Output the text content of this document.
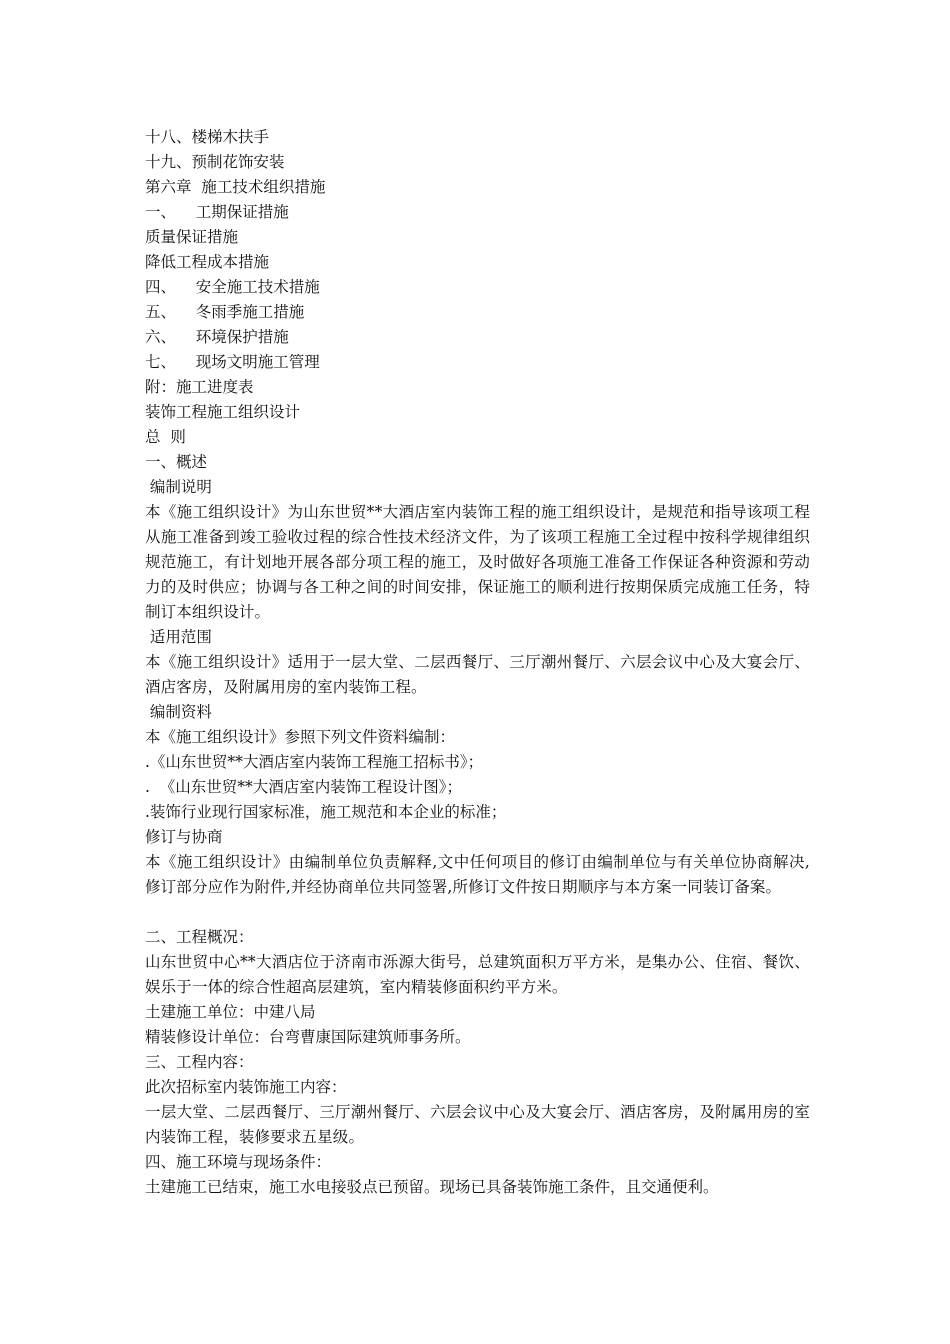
十八、楼梯木扶手
十九、预制花饰安装
第六章  施工技术组织措施
一、    工期保证措施
质量保证措施
降低工程成本措施
四、    安全施工技术措施
五、    冬雨季施工措施
六、    环境保护措施
七、    现场文明施工管理
附：施工进度表
装饰工程施工组织设计
总  则
一、概述
编制说明
本《施工组织设计》为山东世贸**大酒店室内装饰工程的施工组织设计，是规范和指导该项工程从施工准备到竣工验收过程的综合性技术经济文件，为了该项工程施工全过程中按科学规律组织规范施工，有计划地开展各部分项工程的施工，及时做好各项施工准备工作保证各种资源和劳动力的及时供应；协调与各工种之间的时间安排，保证施工的顺利进行按期保质完成施工任务，特制订本组织设计。
适用范围
本《施工组织设计》适用于一层大堂、二层西餐厅、三厅潮州餐厅、六层会议中心及大宴会厅、酒店客房，及附属用房的室内装饰工程。
编制资料
本《施工组织设计》参照下列文件资料编制：
.《山东世贸**大酒店室内装饰工程施工招标书》；
.  《山东世贸**大酒店室内装饰工程设计图》；
.装饰行业现行国家标准，施工规范和本企业的标准；
修订与协商
本《施工组织设计》由编制单位负责解释,文中任何项目的修订由编制单位与有关单位协商解决,修订部分应作为附件,并经协商单位共同签署,所修订文件按日期顺序与本方案一同装订备案。
二、工程概况：
山东世贸中心**大酒店位于济南市泺源大街号，总建筑面积万平方米，是集办公、住宿、餐饮、娱乐于一体的综合性超高层建筑，室内精装修面积约平方米。
土建施工单位：中建八局
精装修设计单位：台弯曹康国际建筑师事务所。
三、工程内容：
此次招标室内装饰施工内容：
一层大堂、二层西餐厅、三厅潮州餐厅、六层会议中心及大宴会厅、酒店客房，及附属用房的室内装饰工程，装修要求五星级。
四、施工环境与现场条件：
土建施工已结束，施工水电接驳点已预留。现场已具备装饰施工条件，且交通便利。
